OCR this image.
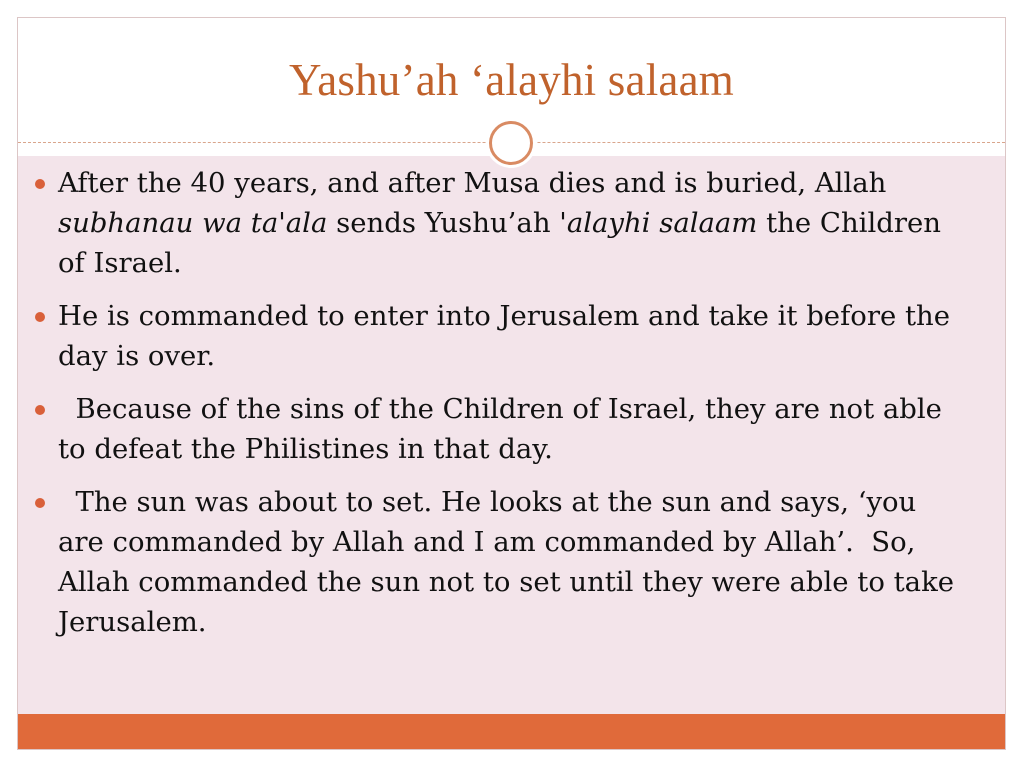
Yashu’ah ‘alayhi salaam
After the 40 years, and after Musa dies and is buried, Allah subhanau wa ta'ala sends Yushu’ah 'alayhi salaam the Children of Israel.
He is commanded to enter into Jerusalem and take it before the day is over.
Because of the sins of the Children of Israel, they are not able to defeat the Philistines in that day.
The sun was about to set. He looks at the sun and says, ‘you are commanded by Allah and I am commanded by Allah’.  So, Allah commanded the sun not to set until they were able to take Jerusalem.
